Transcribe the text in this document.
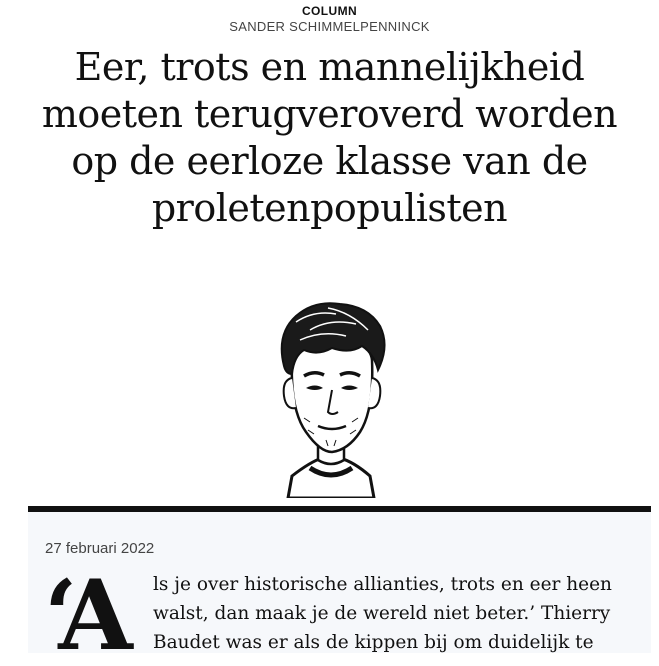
COLUMN
SANDER SCHIMMELPENNINCK
Eer, trots en mannelijkheid moeten terugveroverd worden op de eerloze klasse van de proletenpopulisten
27 februari 2022
‘A	ls je over historische allianties, trots en eer heen walst, dan maak je de wereld niet beter.’ Thierry Baudet was er als de kippen bij om duidelijk te
